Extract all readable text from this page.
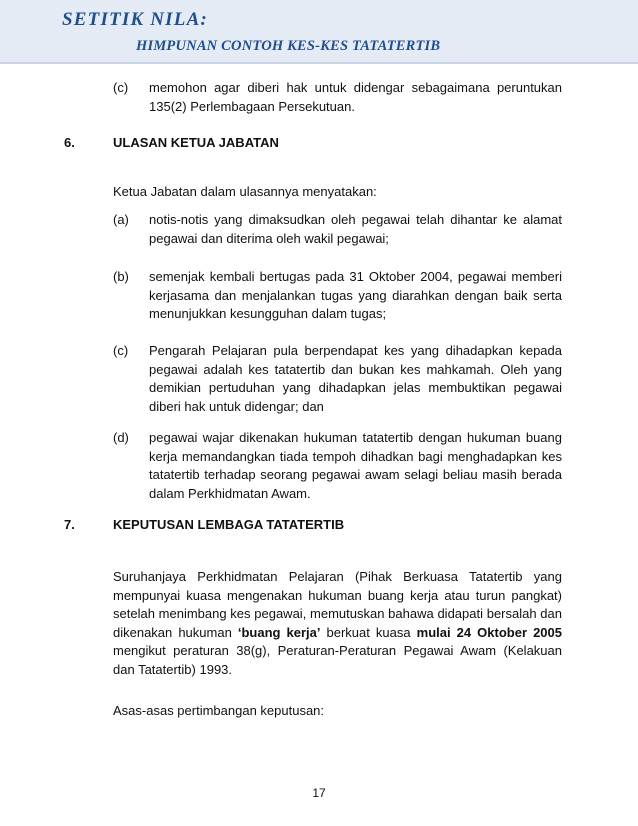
SETITIK NILA:
HIMPUNAN CONTOH KES-KES TATATERTIB
(c) memohon agar diberi hak untuk didengar sebagaimana peruntukan 135(2) Perlembagaan Persekutuan.
6.	ULASAN KETUA JABATAN
Ketua Jabatan dalam ulasannya menyatakan:
(a) notis-notis yang dimaksudkan oleh pegawai telah dihantar ke alamat pegawai dan diterima oleh wakil pegawai;
(b) semenjak kembali bertugas pada 31 Oktober 2004, pegawai memberi kerjasama dan menjalankan tugas yang diarahkan dengan baik serta menunjukkan kesungguhan dalam tugas;
(c) Pengarah Pelajaran pula berpendapat kes yang dihadapkan kepada pegawai adalah kes tatatertib dan bukan kes mahkamah. Oleh yang demikian pertuduhan yang dihadapkan jelas membuktikan pegawai diberi hak untuk didengar; dan
(d) pegawai wajar dikenakan hukuman tatatertib dengan hukuman buang kerja memandangkan tiada tempoh dihadkan bagi menghadapkan kes tatatertib terhadap seorang pegawai awam selagi beliau masih berada dalam Perkhidmatan Awam.
7.	KEPUTUSAN LEMBAGA TATATERTIB
Suruhanjaya Perkhidmatan Pelajaran (Pihak Berkuasa Tatatertib yang mempunyai kuasa mengenakan hukuman buang kerja atau turun pangkat) setelah menimbang kes pegawai, memutuskan bahawa didapati bersalah dan dikenakan hukuman ‘buang kerja’ berkuat kuasa mulai 24 Oktober 2005 mengikut peraturan 38(g), Peraturan-Peraturan Pegawai Awam (Kelakuan dan Tatatertib) 1993.
Asas-asas pertimbangan keputusan:
17
